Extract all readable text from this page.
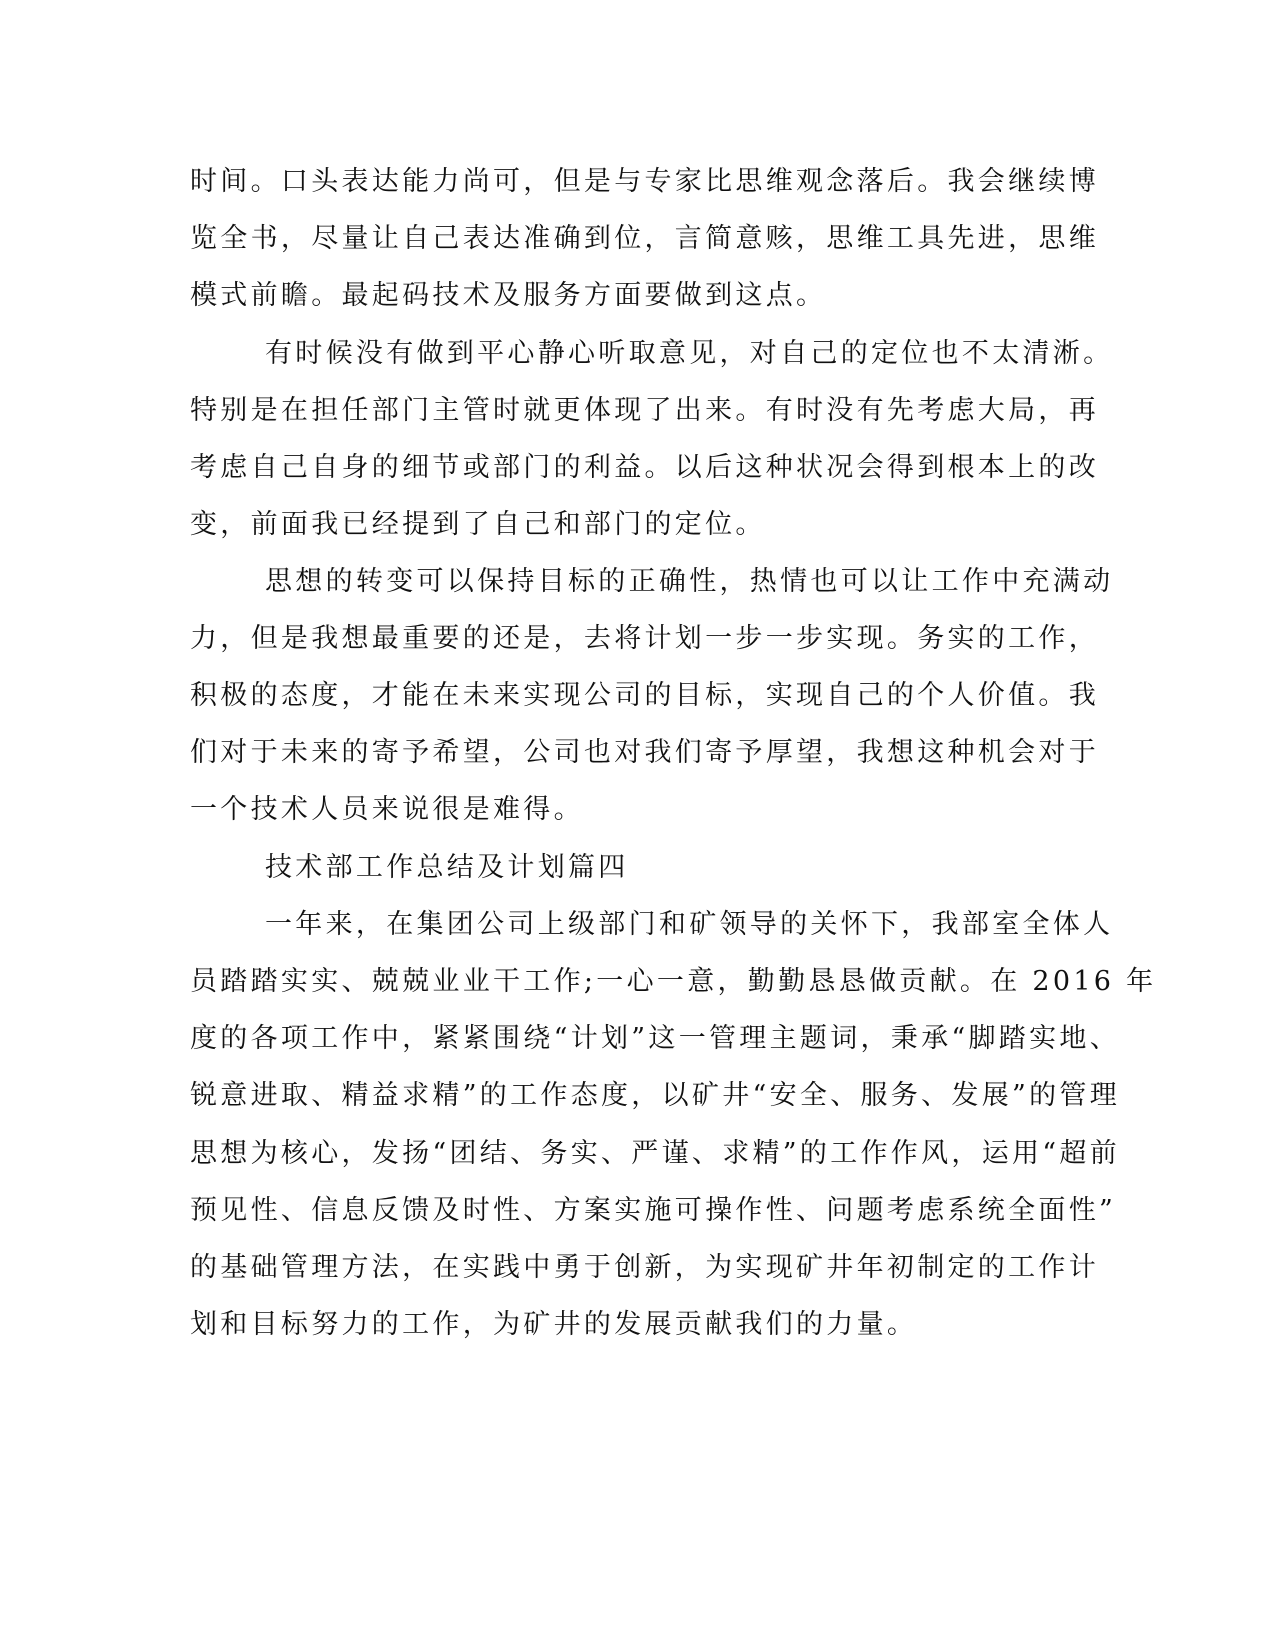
时间。口头表达能力尚可，但是与专家比思维观念落后。我会继续博

览全书，尽量让自己表达准确到位，言简意赅，思维工具先进，思维

模式前瞻。最起码技术及服务方面要做到这点。

有时候没有做到平心静心听取意见，对自己的定位也不太清淅。

特别是在担任部门主管时就更体现了出来。有时没有先考虑大局，再

考虑自己自身的细节或部门的利益。以后这种状况会得到根本上的改

变，前面我已经提到了自己和部门的定位。

思想的转变可以保持目标的正确性，热情也可以让工作中充满动

力，但是我想最重要的还是，去将计划一步一步实现。务实的工作，

积极的态度，才能在未来实现公司的目标，实现自己的个人价值。我

们对于未来的寄予希望，公司也对我们寄予厚望，我想这种机会对于

一个技术人员来说很是难得。

技术部工作总结及计划篇四

一年来，在集团公司上级部门和矿领导的关怀下，我部室全体人

员踏踏实实、兢兢业业干工作;一心一意，勤勤恳恳做贡献。在 2016 年

度的各项工作中，紧紧围绕“计划”这一管理主题词，秉承“脚踏实地、

锐意进取、精益求精”的工作态度，以矿井“安全、服务、发展”的管理

思想为核心，发扬“团结、务实、严谨、求精”的工作作风，运用“超前

预见性、信息反馈及时性、方案实施可操作性、问题考虑系统全面性”

的基础管理方法，在实践中勇于创新，为实现矿井年初制定的工作计

划和目标努力的工作，为矿井的发展贡献我们的力量。
